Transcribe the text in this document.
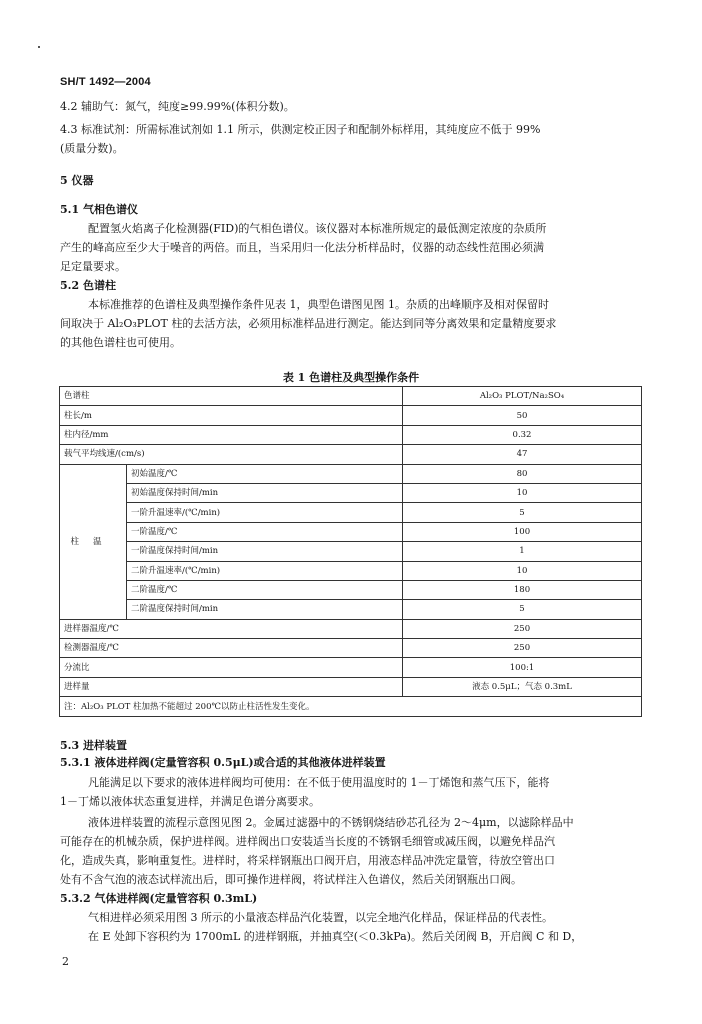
SH/T 1492—2004
4.2 辅助气：氮气，纯度≥99.99%(体积分数)。
4.3 标准试剂：所需标准试剂如 1.1 所示，供测定校正因子和配制外标样用，其纯度应不低于 99%
(质量分数)。
5 仪器
5.1 气相色谱仪
配置氢火焰离子化检测器(FID)的气相色谱仪。该仪器对本标准所规定的最低测定浓度的杂质所
产生的峰高应至少大于噪音的两倍。而且，当采用归一化法分析样品时，仪器的动态线性范围必须满
足定量要求。
5.2 色谱柱
本标准推荐的色谱柱及典型操作条件见表 1，典型色谱图见图 1。杂质的出峰顺序及相对保留时
间取决于 Al₂O₃PLOT 柱的去活方法，必须用标准样品进行测定。能达到同等分离效果和定量精度要求
的其他色谱柱也可使用。
表 1 色谱柱及典型操作条件
色谱柱		Al₂O₃ PLOT/Na₂SO₄
柱长/m		50
柱内径/mm		0.32
载气平均线速/(cm/s)		47
柱温	初始温度/℃	80
	初始温度保持时间/min	10
	一阶升温速率/(℃/min)	5
	一阶温度/℃	100
	一阶温度保持时间/min	1
	二阶升温速率/(℃/min)	10
	二阶温度/℃	180
	二阶温度保持时间/min	5
进样器温度/℃		250
检测器温度/℃		250
分流比		100:1
进样量		液态 0.5μL；气态 0.3mL
注：Al₂O₃ PLOT 柱加热不能超过 200℃以防止柱活性发生变化。		
5.3 进样装置
5.3.1 液体进样阀(定量管容积 0.5μL)或合适的其他液体进样装置
凡能满足以下要求的液体进样阀均可使用：在不低于使用温度时的 1－丁烯饱和蒸气压下，能将
1－丁烯以液体状态重复进样，并满足色谱分离要求。
液体进样装置的流程示意图见图 2。金属过滤器中的不锈钢烧结砂芯孔径为 2～4μm，以滤除样品中
可能存在的机械杂质，保护进样阀。进样阀出口安装适当长度的不锈钢毛细管或减压阀，以避免样品汽
化，造成失真，影响重复性。进样时，将采样钢瓶出口阀开启，用液态样品冲洗定量管，待放空管出口
处有不含气泡的液态试样流出后，即可操作进样阀，将试样注入色谱仪，然后关闭钢瓶出口阀。
5.3.2 气体进样阀(定量管容积 0.3mL)
气相进样必须采用图 3 所示的小量液态样品汽化装置，以完全地汽化样品，保证样品的代表性。
在 E 处卸下容积约为 1700mL 的进样钢瓶，并抽真空(＜0.3kPa)。然后关闭阀 B，开启阀 C 和 D，
2
